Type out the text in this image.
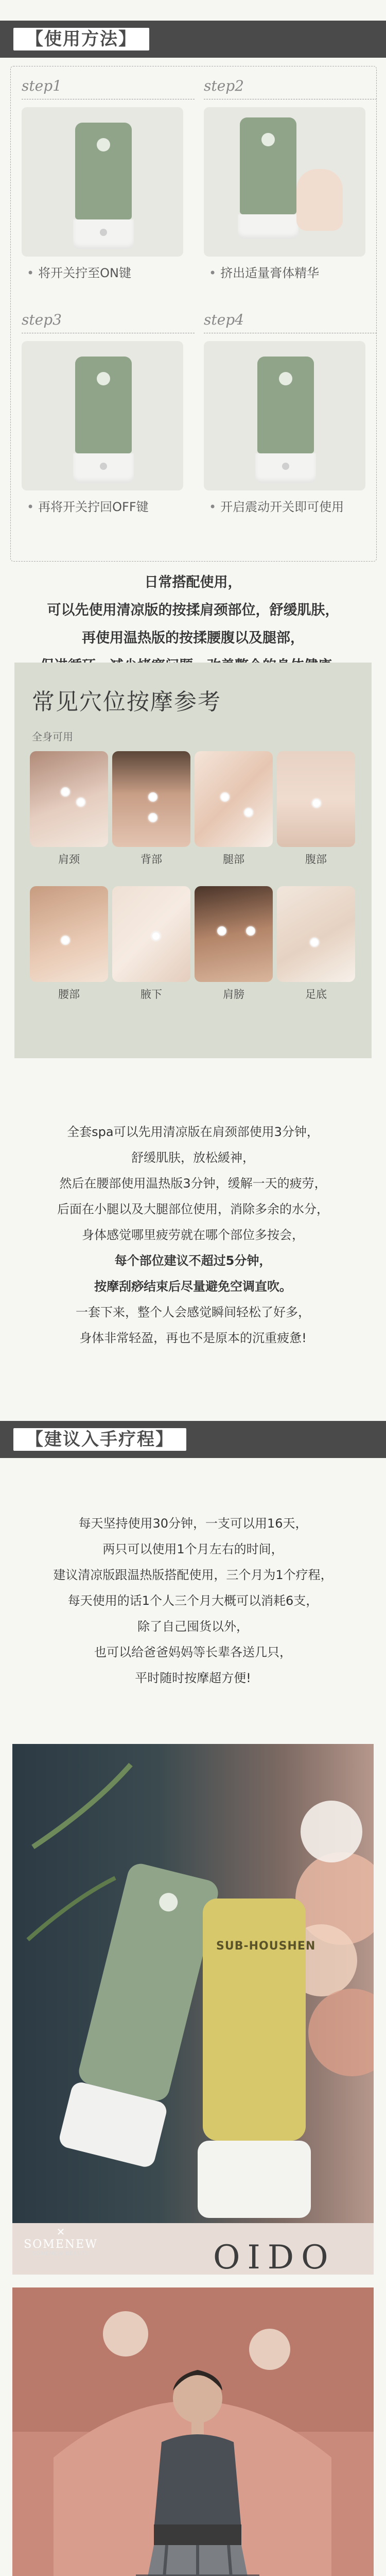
【使用方法】
step1
• 将开关拧至ON键
step2
• 挤出适量膏体精华
step3
• 再将开关拧回OFF键
step4
• 开启震动开关即可使用
日常搭配使用，
可以先使用清凉版的按揉肩颈部位，舒缓肌肤，
再使用温热版的按揉腰腹以及腿部，
常见穴位按摩参考
全身可用
肩颈	背部	腿部	腹部
腰部	腋下	肩膀	足底
全套spa可以先用清凉版在肩颈部使用3分钟，
舒缓肌肤，放松緩神，
然后在腰部使用温热版3分钟，缓解一天的疲劳，
后面在小腿以及大腿部位使用，消除多余的水分，
身体感觉哪里疲劳就在哪个部位多按会，
每个部位建议不超过5分钟，
按摩刮痧结束后尽量避免空调直吹。
一套下来，整个人会感觉瞬间轻松了好多，
身体非常轻盈，再也不是原本的沉重疲惫!
【建议入手疗程】
每天坚持使用30分钟，一支可以用16天，
两只可以使用1个月左右的时间，
建议清凉版跟温热版搭配使用，三个月为1个疗程，
每天使用的话1个人三个月大概可以消耗6支，
除了自己囤货以外，
也可以给爸爸妈妈等长辈各送几只，
平时随时按摩超方便!
SUB-HOUSHEN
✕
SOMENEW
SOMENEW BEAUTY	OIDO
